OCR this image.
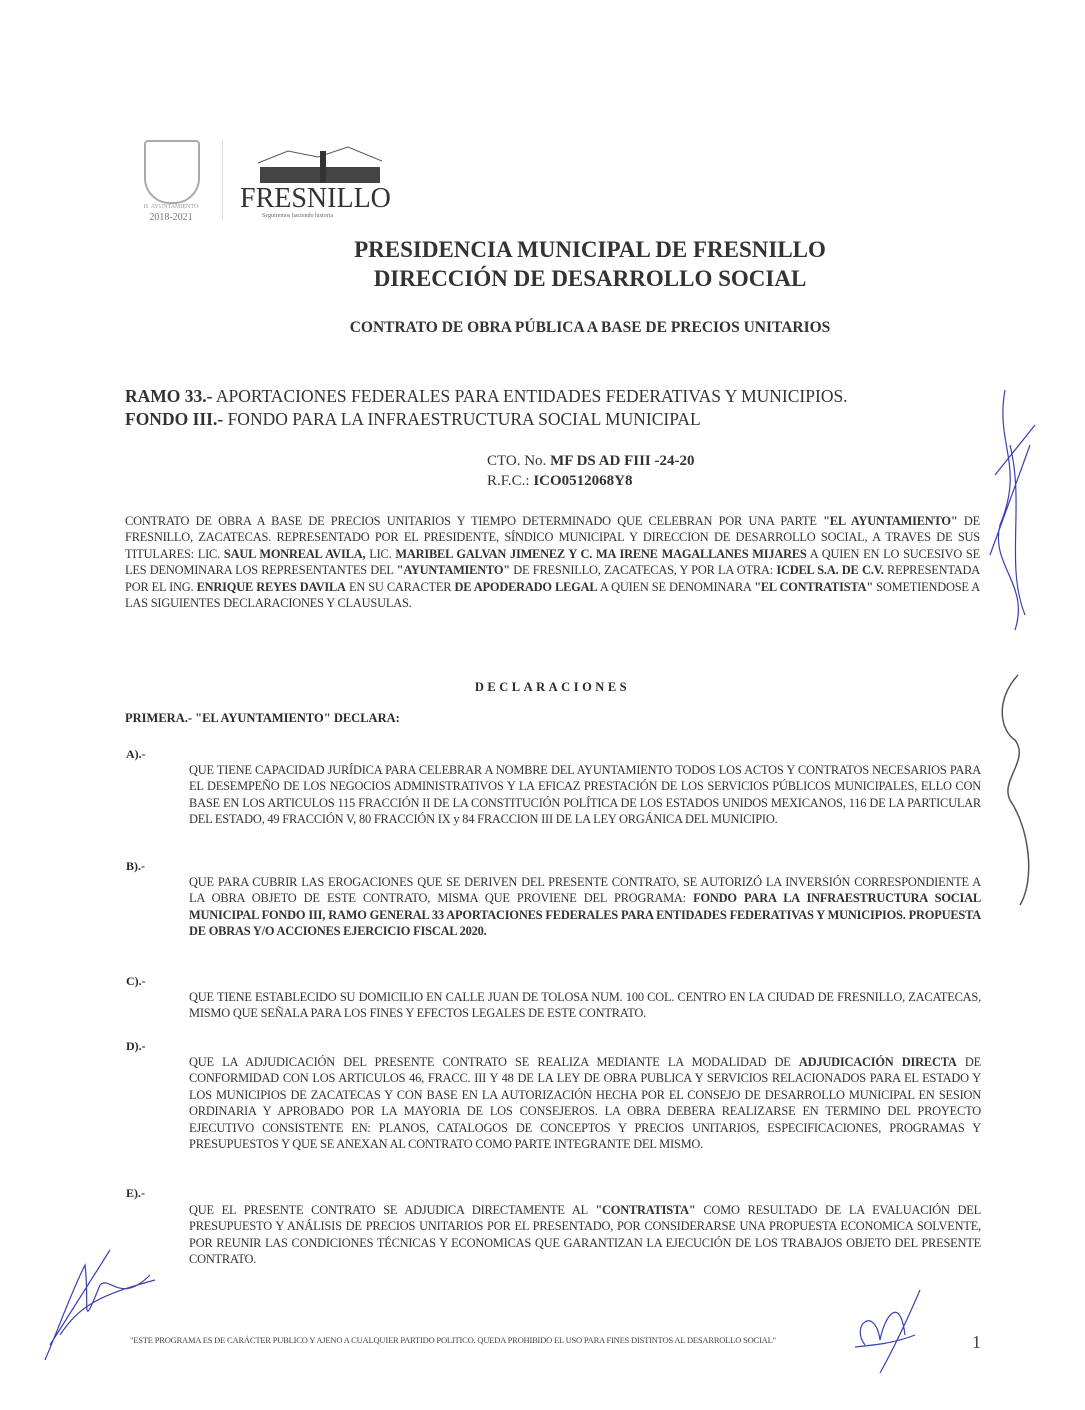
H. AYUNTAMIENTO
2018-2021
FRESNILLO
Seguiremos haciendo historia
PRESIDENCIA MUNICIPAL DE FRESNILLO
DIRECCIÓN DE DESARROLLO SOCIAL
CONTRATO DE OBRA PÚBLICA A BASE DE PRECIOS UNITARIOS
RAMO 33.- APORTACIONES FEDERALES PARA ENTIDADES FEDERATIVAS Y MUNICIPIOS.
FONDO III.- FONDO PARA LA INFRAESTRUCTURA SOCIAL MUNICIPAL
CTO. No. MF DS AD FIII -24-20
R.F.C.: ICO0512068Y8
CONTRATO DE OBRA A BASE DE PRECIOS UNITARIOS Y TIEMPO DETERMINADO QUE CELEBRAN POR UNA PARTE "EL AYUNTAMIENTO" DE FRESNILLO, ZACATECAS. REPRESENTADO POR EL PRESIDENTE, SÍNDICO MUNICIPAL Y DIRECCION DE DESARROLLO SOCIAL, A TRAVES DE SUS TITULARES: LIC. SAUL MONREAL AVILA, LIC. MARIBEL GALVAN JIMENEZ Y C. MA IRENE MAGALLANES MIJARES A QUIEN EN LO SUCESIVO SE LES DENOMINARA LOS REPRESENTANTES DEL "AYUNTAMIENTO" DE FRESNILLO, ZACATECAS, Y POR LA OTRA: ICDEL S.A. DE C.V. REPRESENTADA POR EL ING. ENRIQUE REYES DAVILA EN SU CARACTER DE APODERADO LEGAL A QUIEN SE DENOMINARA "EL CONTRATISTA" SOMETIENDOSE A LAS SIGUIENTES DECLARACIONES Y CLAUSULAS.
DECLARACIONES
PRIMERA.- "EL AYUNTAMIENTO" DECLARA:
A).-
QUE TIENE CAPACIDAD JURÍDICA PARA CELEBRAR A NOMBRE DEL AYUNTAMIENTO TODOS LOS ACTOS Y CONTRATOS NECESARIOS PARA EL DESEMPEÑO DE LOS NEGOCIOS ADMINISTRATIVOS Y LA EFICAZ PRESTACIÓN DE LOS SERVICIOS PÚBLICOS MUNICIPALES, ELLO CON BASE EN LOS ARTICULOS 115 FRACCIÓN II DE LA CONSTITUCIÓN POLÍTICA DE LOS ESTADOS UNIDOS MEXICANOS, 116 DE LA PARTICULAR DEL ESTADO, 49 FRACCIÓN V, 80 FRACCIÓN IX y 84 FRACCION III DE LA LEY ORGÁNICA DEL MUNICIPIO.
B).-
QUE PARA CUBRIR LAS EROGACIONES QUE SE DERIVEN DEL PRESENTE CONTRATO, SE AUTORIZÓ LA INVERSIÓN CORRESPONDIENTE A LA OBRA OBJETO DE ESTE CONTRATO, MISMA QUE PROVIENE DEL PROGRAMA: FONDO PARA LA INFRAESTRUCTURA SOCIAL MUNICIPAL FONDO III, RAMO GENERAL 33 APORTACIONES FEDERALES PARA ENTIDADES FEDERATIVAS Y MUNICIPIOS. PROPUESTA DE OBRAS Y/O ACCIONES EJERCICIO FISCAL 2020.
C).-
QUE TIENE ESTABLECIDO SU DOMICILIO EN CALLE JUAN DE TOLOSA NUM. 100 COL. CENTRO EN LA CIUDAD DE FRESNILLO, ZACATECAS, MISMO QUE SEÑALA PARA LOS FINES Y EFECTOS LEGALES DE ESTE CONTRATO.
D).-
QUE LA ADJUDICACIÓN DEL PRESENTE CONTRATO SE REALIZA MEDIANTE LA MODALIDAD DE ADJUDICACIÓN DIRECTA DE CONFORMIDAD CON LOS ARTICULOS 46, FRACC. III Y 48 DE LA LEY DE OBRA PUBLICA Y SERVICIOS RELACIONADOS PARA EL ESTADO Y LOS MUNICIPIOS DE ZACATECAS Y CON BASE EN LA AUTORIZACIÓN HECHA POR EL CONSEJO DE DESARROLLO MUNICIPAL EN SESION ORDINARIA Y APROBADO POR LA MAYORIA DE LOS CONSEJEROS. LA OBRA DEBERA REALIZARSE EN TERMINO DEL PROYECTO EJECUTIVO CONSISTENTE EN: PLANOS, CATALOGOS DE CONCEPTOS Y PRECIOS UNITARIOS, ESPECIFICACIONES, PROGRAMAS Y PRESUPUESTOS Y QUE SE ANEXAN AL CONTRATO COMO PARTE INTEGRANTE DEL MISMO.
E).-
QUE EL PRESENTE CONTRATO SE ADJUDICA DIRECTAMENTE AL "CONTRATISTA" COMO RESULTADO DE LA EVALUACIÓN DEL PRESUPUESTO Y ANÁLISIS DE PRECIOS UNITARIOS POR EL PRESENTADO, POR CONSIDERARSE UNA PROPUESTA ECONOMICA SOLVENTE, POR REUNIR LAS CONDICIONES TÉCNICAS Y ECONOMICAS QUE GARANTIZAN LA EJECUCIÓN DE LOS TRABAJOS OBJETO DEL PRESENTE CONTRATO.
"ESTE PROGRAMA ES DE CARÁCTER PUBLICO Y AJENO A CUALQUIER PARTIDO POLITICO. QUEDA PROHIBIDO EL USO PARA FINES DISTINTOS AL DESARROLLO SOCIAL"	1
